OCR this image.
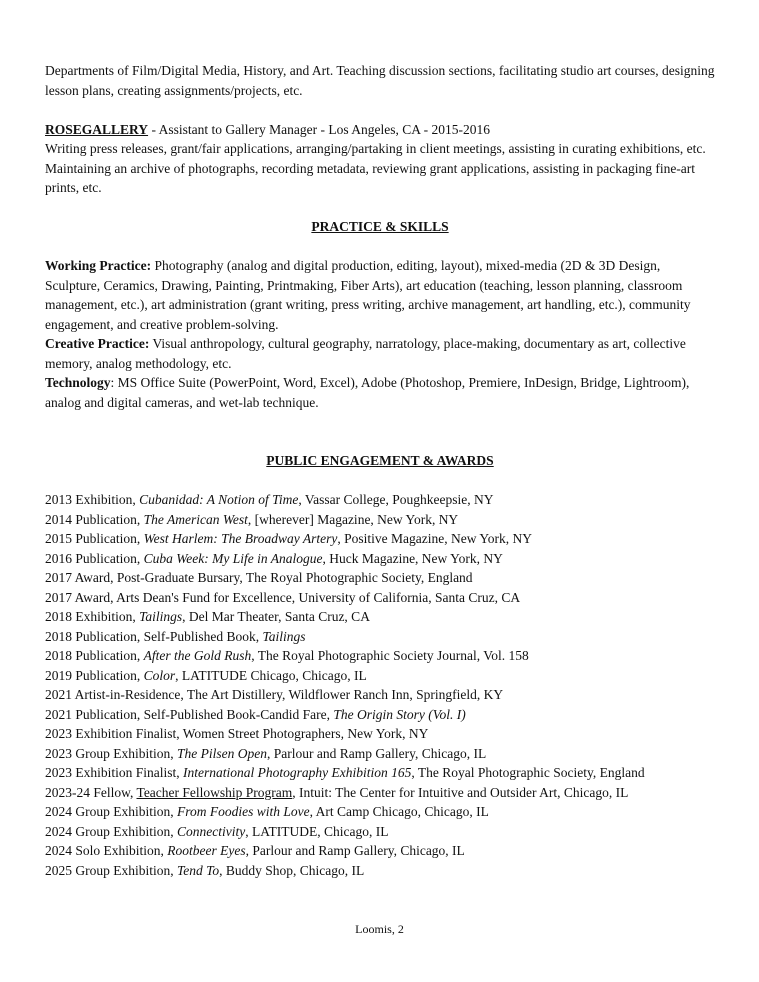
Departments of Film/Digital Media, History, and Art. Teaching discussion sections, facilitating studio art courses, designing lesson plans, creating assignments/projects, etc.

ROSEGALLERY - Assistant to Gallery Manager - Los Angeles, CA - 2015-2016

Writing press releases, grant/fair applications, arranging/partaking in client meetings, assisting in curating exhibitions, etc. Maintaining an archive of photographs, recording metadata, reviewing grant applications, assisting in packaging fine-art prints, etc.

PRACTICE & SKILLS

Working Practice: Photography (analog and digital production, editing, layout), mixed-media (2D & 3D Design, Sculpture, Ceramics, Drawing, Painting, Printmaking, Fiber Arts), art education (teaching, lesson planning, classroom management, etc.), art administration (grant writing, press writing, archive management, art handling, etc.), community engagement, and creative problem-solving.

Creative Practice: Visual anthropology, cultural geography, narratology, place-making, documentary as art, collective memory, analog methodology, etc.

Technology: MS Office Suite (PowerPoint, Word, Excel), Adobe (Photoshop, Premiere, InDesign, Bridge, Lightroom), analog and digital cameras, and wet-lab technique.

PUBLIC ENGAGEMENT & AWARDS

2013 Exhibition, Cubanidad: A Notion of Time, Vassar College, Poughkeepsie, NY
2014 Publication, The American West, [wherever] Magazine, New York, NY
2015 Publication, West Harlem: The Broadway Artery, Positive Magazine, New York, NY
2016 Publication, Cuba Week: My Life in Analogue, Huck Magazine, New York, NY
2017 Award, Post-Graduate Bursary, The Royal Photographic Society, England
2017 Award, Arts Dean's Fund for Excellence, University of California, Santa Cruz, CA
2018 Exhibition, Tailings, Del Mar Theater, Santa Cruz, CA
2018 Publication, Self-Published Book, Tailings
2018 Publication, After the Gold Rush, The Royal Photographic Society Journal, Vol. 158
2019 Publication, Color, LATITUDE Chicago, Chicago, IL
2021 Artist-in-Residence, The Art Distillery, Wildflower Ranch Inn, Springfield, KY
2021 Publication, Self-Published Book-Candid Fare, The Origin Story (Vol. I)
2023 Exhibition Finalist, Women Street Photographers, New York, NY
2023 Group Exhibition, The Pilsen Open, Parlour and Ramp Gallery, Chicago, IL
2023 Exhibition Finalist, International Photography Exhibition 165, The Royal Photographic Society, England
2023-24 Fellow, Teacher Fellowship Program, Intuit: The Center for Intuitive and Outsider Art, Chicago, IL
2024 Group Exhibition, From Foodies with Love, Art Camp Chicago, Chicago, IL
2024 Group Exhibition, Connectivity, LATITUDE, Chicago, IL
2024 Solo Exhibition, Rootbeer Eyes, Parlour and Ramp Gallery, Chicago, IL
2025 Group Exhibition, Tend To, Buddy Shop, Chicago, IL
Loomis, 2
